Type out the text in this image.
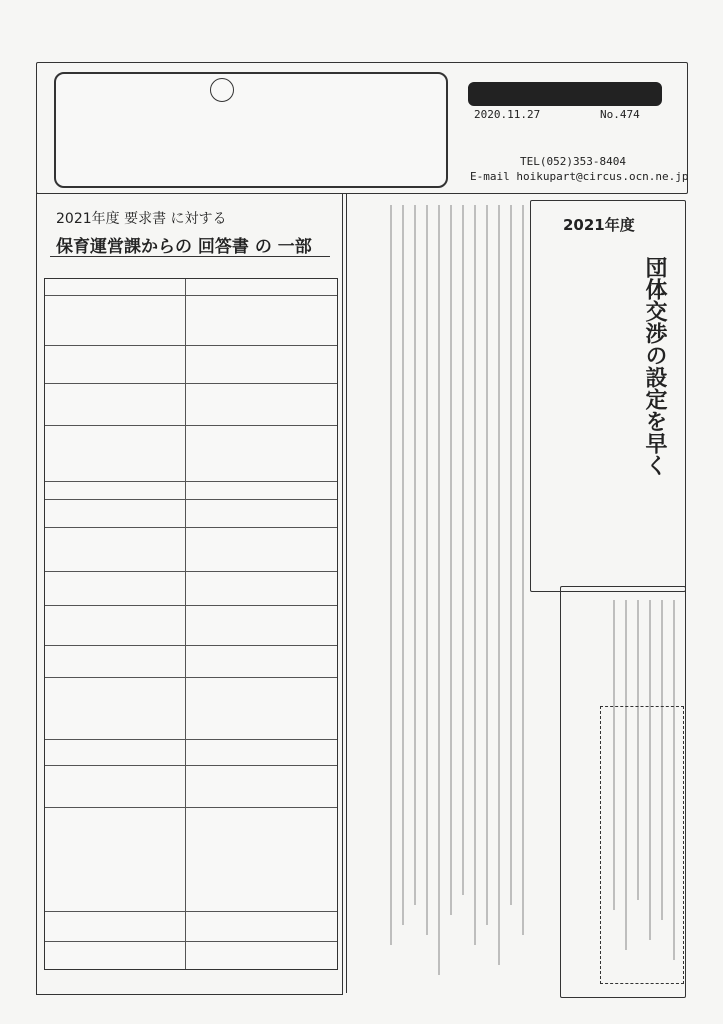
2020.11.27	No.474
TEL(052)353-8404
E-mail hoikupart@circus.ocn.ne.jp
2021年度 要求書 に対する
保育運営課からの 回答書 の 一部
2021年度
団体交渉の設定を早く
